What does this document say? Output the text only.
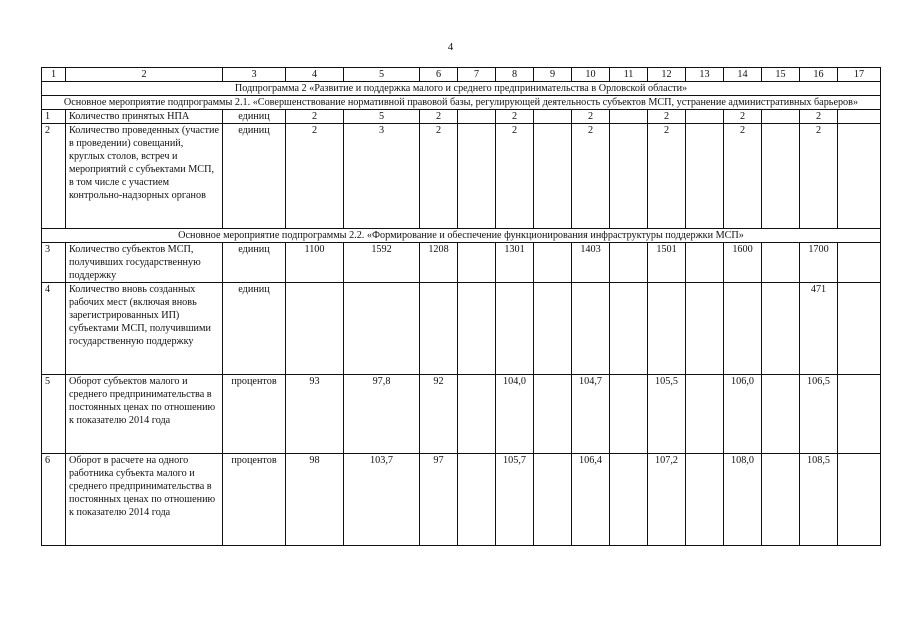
4
1	2	3	4	5	6	7	8	9	10	11	12	13	14	15	16	17
Подпрограмма 2 «Развитие и поддержка малого и среднего предпринимательства в Орловской области»																
Основное мероприятие подпрограммы 2.1. «Совершенствование нормативной правовой базы, регулирующей деятельность субъектов МСП, устранение административных барьеров»																
1	Количество принятых НПА	единиц	2	5	2		2		2		2		2		2	
2	Количество проведенных (участие в проведении) совещаний, круглых столов, встреч и мероприятий с субъектами МСП, в том числе с участием контрольно-надзорных органов	единиц	2	3	2		2		2		2		2		2	
Основное мероприятие подпрограммы 2.2. «Формирование и обеспечение функционирования инфраструктуры поддержки МСП»																
3	Количество субъектов МСП, получивших государственную поддержку	единиц	1100	1592	1208		1301		1403		1501		1600		1700	
4	Количество вновь созданных рабочих мест (включая вновь зарегистрированных ИП) субъектами МСП, получившими государственную поддержку	единиц													471	
5	Оборот субъектов малого и среднего предпринимательства в постоянных ценах по отношению к показателю 2014 года	процентов	93	97,8	92		104,0		104,7		105,5		106,0		106,5	
6	Оборот в расчете на одного работника субъекта малого и среднего предпринимательства в постоянных ценах по отношению к показателю 2014 года	процентов	98	103,7	97		105,7		106,4		107,2		108,0		108,5	
